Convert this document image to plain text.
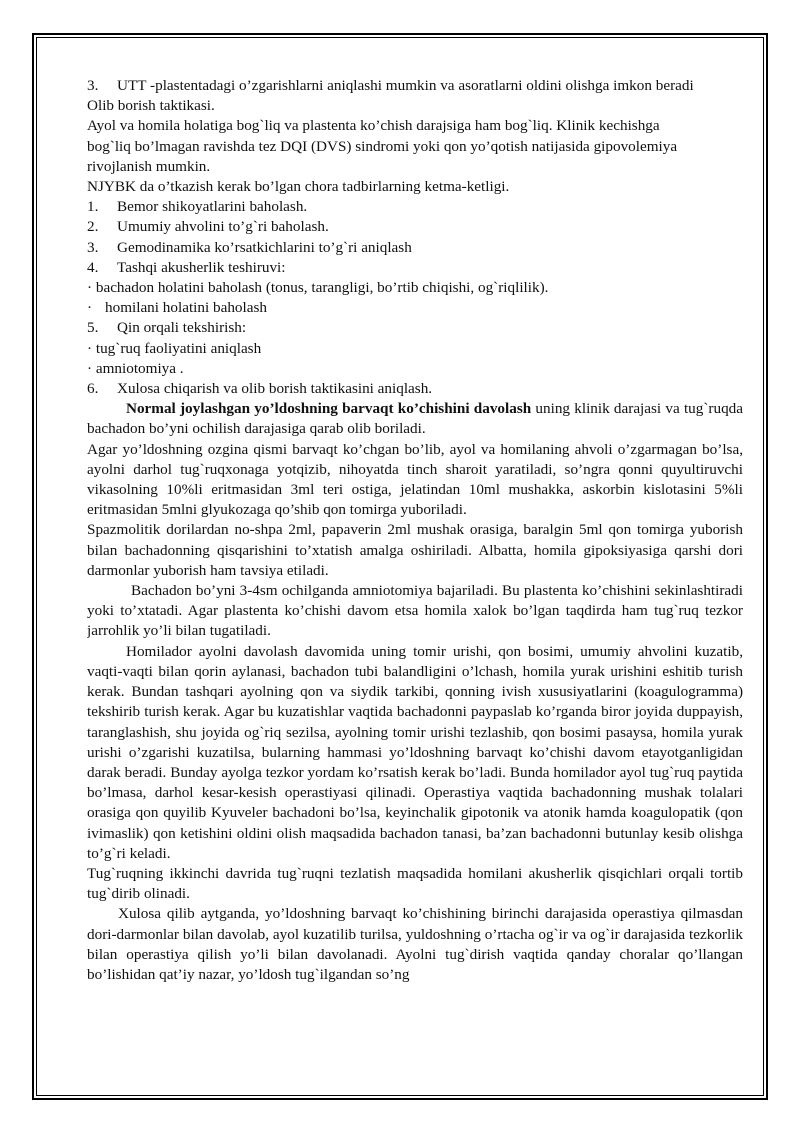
3. UTT -plastentadagi o’zgarishlarni aniqlashi mumkin va asoratlarni oldini olishga imkon beradi

Olib borish taktikasi.

Ayol va homila holatiga bog`liq va plastenta ko’chish darajsiga ham bog`liq. Klinik kechishga bog`liq bo’lmagan ravishda tez DQI (DVS) sindromi yoki qon yo’qotish natijasida gipovolemiya rivojlanish mumkin.

NJYBK da o’tkazish kerak bo’lgan chora tadbirlarning ketma-ketligi.

1. Bemor shikoyatlarini baholash.

2. Umumiy ahvolini to’g`ri baholash.

3. Gemodinamika ko’rsatkichlarini to’g`ri aniqlash

4. Tashqi akusherlik teshiruvi:

· bachadon holatini baholash (tonus, tarangligi, bo’rtib chiqishi, og`riqlilik).

· homilani holatini baholash

5. Qin orqali tekshirish:

· tug`ruq faoliyatini aniqlash

· amniotomiya .

6. Xulosa chiqarish va olib borish taktikasini aniqlash.

Normal joylashgan yo’ldoshning barvaqt ko’chishini davolash uning klinik darajasi va tug`ruqda bachadon bo’yni ochilish darajasiga qarab olib boriladi.

Agar yo’ldoshning ozgina qismi barvaqt ko’chgan bo’lib, ayol va homilaning ahvoli o’zgarmagan bo’lsa, ayolni darhol tug`ruqxonaga yotqizib, nihoyatda tinch sharoit yaratiladi, so’ngra qonni quyultiruvchi vikasolning 10%li eritmasidan 3ml teri ostiga, jelatindan 10ml mushakka, askorbin kislotasini 5%li eritmasidan 5mlni glyukozaga qo’shib qon tomirga yuboriladi.

Spazmolitik dorilardan no-shpa 2ml, papaverin 2ml mushak orasiga, baralgin 5ml qon tomirga yuborish bilan bachadonning qisqarishini to’xtatish amalga oshiriladi. Albatta, homila gipoksiyasiga qarshi dori darmonlar yuborish ham tavsiya etiladi.

Bachadon bo’yni 3-4sm ochilganda amniotomiya bajariladi. Bu plastenta ko’chishini sekinlashtiradi yoki to’xtatadi. Agar plastenta ko’chishi davom etsa homila xalok bo’lgan taqdirda ham tug`ruq tezkor jarrohlik yo’li bilan tugatiladi.

Homilador ayolni davolash davomida uning tomir urishi, qon bosimi, umumiy ahvolini kuzatib, vaqti-vaqti bilan qorin aylanasi, bachadon tubi balandligini o’lchash, homila yurak urishini eshitib turish kerak. Bundan tashqari ayolning qon va siydik tarkibi, qonning ivish xususiyatlarini (koagulogramma) tekshirib turish kerak. Agar bu kuzatishlar vaqtida bachadonni paypaslab ko’rganda biror joyida duppayish, taranglashish, shu joyida og`riq sezilsa, ayolning tomir urishi tezlashib, qon bosimi pasaysa, homila yurak urishi o’zgarishi kuzatilsa, bularning hammasi yo’ldoshning barvaqt ko’chishi davom etayotganligidan darak beradi. Bunday ayolga tezkor yordam ko’rsatish kerak bo’ladi. Bunda homilador ayol tug`ruq paytida bo’lmasa, darhol kesar-kesish operastiyasi qilinadi. Operastiya vaqtida bachadonning mushak tolalari orasiga qon quyilib Kyuveler bachadoni bo’lsa, keyinchalik gipotonik va atonik hamda koagulopatik (qon ivimaslik) qon ketishini oldini olish maqsadida bachadon tanasi, ba’zan bachadonni butunlay kesib olishga to’g`ri keladi.

Tug`ruqning ikkinchi davrida tug`ruqni tezlatish maqsadida homilani akusherlik qisqichlari orqali tortib tug`dirib olinadi.

Xulosa qilib aytganda, yo’ldoshning barvaqt ko’chishining birinchi darajasida operastiya qilmasdan dori-darmonlar bilan davolab, ayol kuzatilib turilsa, yuldoshning o’rtacha og`ir va og`ir darajasida tezkorlik bilan operastiya qilish yo’li bilan davolanadi. Ayolni tug`dirish vaqtida qanday choralar qo’llangan bo’lishidan qat’iy nazar, yo’ldosh tug`ilgandan so’ng
